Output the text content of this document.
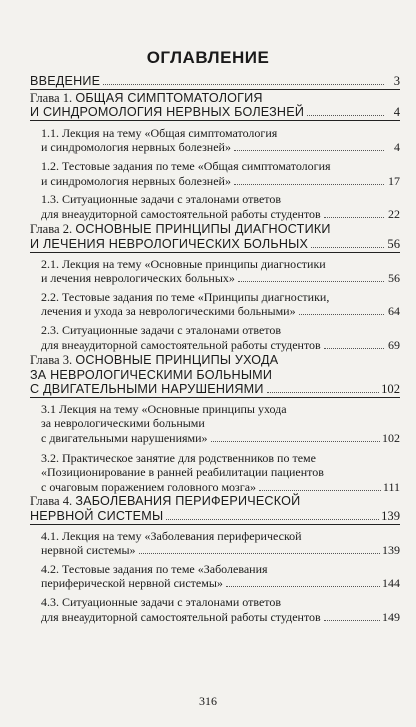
ОГЛАВЛЕНИЕ
ВВЕДЕНИЕ	3
Глава 1. ОБЩАЯ СИМПТОМАТОЛОГИЯ
И СИНДРОМОЛОГИЯ НЕРВНЫХ БОЛЕЗНЕЙ	4
1.1. Лекция на тему «Общая симптоматология
и синдромология нервных болезней»	4
1.2. Тестовые задания по теме «Общая симптоматология
и синдромология нервных болезней»	17
1.3. Ситуационные задачи с эталонами ответов
для внеаудиторной самостоятельной работы студентов	22
Глава 2. ОСНОВНЫЕ ПРИНЦИПЫ ДИАГНОСТИКИ
И ЛЕЧЕНИЯ НЕВРОЛОГИЧЕСКИХ БОЛЬНЫХ	56
2.1. Лекция на тему «Основные принципы диагностики
и лечения неврологических больных»	56
2.2. Тестовые задания по теме «Принципы диагностики,
лечения и ухода за неврологическими больными»	64
2.3. Ситуационные задачи с эталонами ответов
для внеаудиторной самостоятельной работы студентов	69
Глава 3. ОСНОВНЫЕ ПРИНЦИПЫ УХОДА
ЗА НЕВРОЛОГИЧЕСКИМИ БОЛЬНЫМИ
С ДВИГАТЕЛЬНЫМИ НАРУШЕНИЯМИ	102
3.1 Лекция на тему «Основные принципы ухода
за неврологическими больными
с двигательными нарушениями»	102
3.2. Практическое занятие для родственников по теме
«Позиционирование в ранней реабилитации пациентов
с очаговым поражением головного мозга»	111
Глава 4. ЗАБОЛЕВАНИЯ ПЕРИФЕРИЧЕСКОЙ
НЕРВНОЙ СИСТЕМЫ	139
4.1. Лекция на тему «Заболевания периферической
нервной системы»	139
4.2. Тестовые задания по теме «Заболевания
периферической нервной системы»	144
4.3. Ситуационные задачи с эталонами ответов
для внеаудиторной самостоятельной работы студентов	149
316
